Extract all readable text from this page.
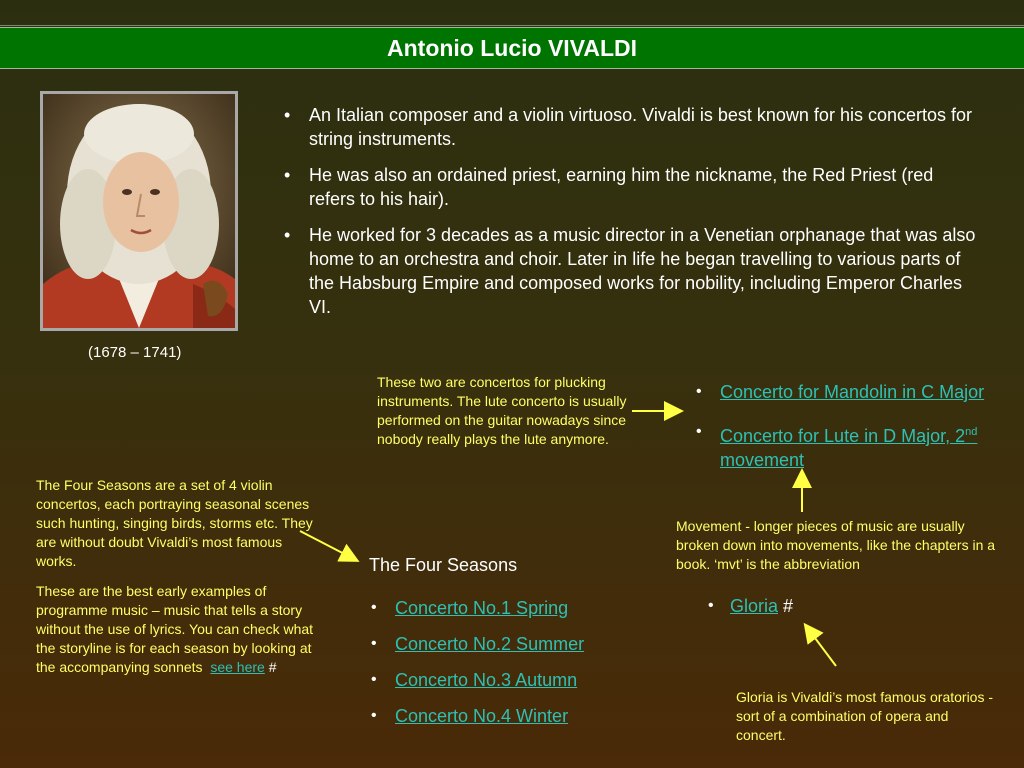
Antonio Lucio VIVALDI
(1678 – 1741)
• An Italian composer and a violin virtuoso. Vivaldi is best known for his concertos for string instruments.
• He was also an ordained priest, earning him the nickname, the Red Priest (red refers to his hair).
• He worked for 3 decades as a music director in a Venetian orphanage that was also home to an orchestra and choir. Later in life he began travelling to various parts of the Habsburg Empire and composed works for nobility, including Emperor Charles VI.
These two are concertos for plucking instruments. The lute concerto is usually performed on the guitar nowadays since nobody really plays the lute anymore.
• Concerto for Mandolin in C Major
• Concerto for Lute in D Major, 2nd movement

The Four Seasons are a set of 4 violin concertos, each portraying seasonal scenes such hunting, singing birds, storms etc. They are without doubt Vivaldi’s most famous works.

These are the best early examples of programme music – music that tells a story without the use of lyrics. You can check what the storyline is for each season by looking at the accompanying sonnets see here #

Movement - longer pieces of music are usually broken down into movements, like the chapters in a book. ‘mvt’ is the abbreviation
The Four Seasons
• Concerto No.1 Spring
• Concerto No.2 Summer
• Concerto No.3 Autumn
• Concerto No.4 Winter
• Gloria #
Gloria is Vivaldi’s most famous oratorios - sort of a combination of opera and concert.
